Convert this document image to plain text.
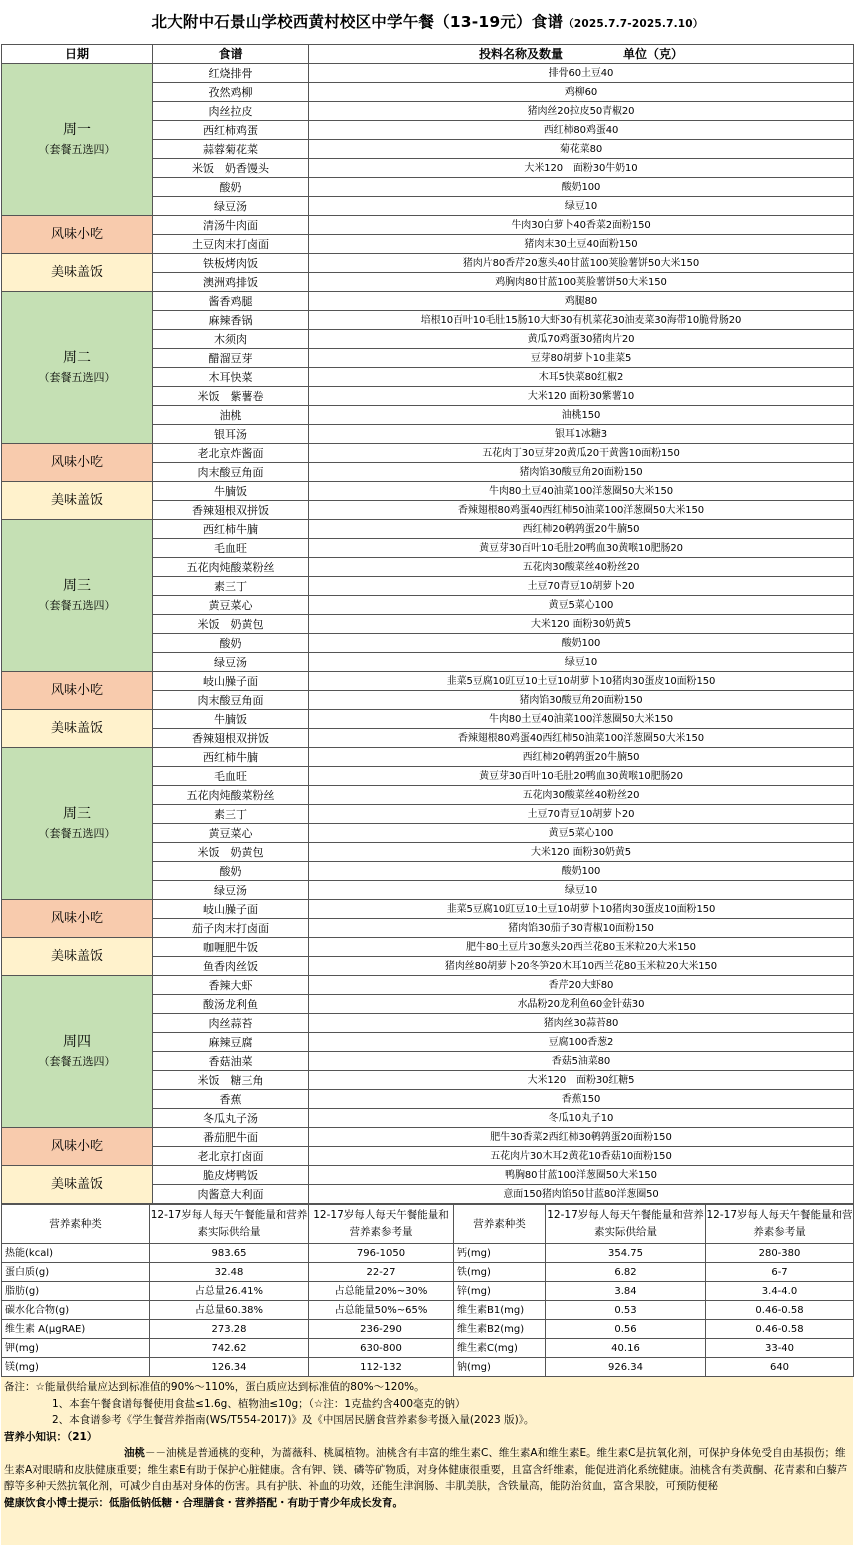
北大附中石景山学校西黄村校区中学午餐（13-19元）食谱（2025.7.7-2025.7.10）
日期	食谱	投料名称及数量　　　　　 单位（克）

周一
（套餐五选四）	红烧排骨	排骨60土豆40
	孜然鸡柳	鸡柳60
	肉丝拉皮	猪肉丝20拉皮50青椒20
	西红柿鸡蛋	西红柿80鸡蛋40
	蒜蓉菊花菜	菊花菜80
	米饭　奶香馒头	大米120　面粉30牛奶10
	酸奶	酸奶100
	绿豆汤	绿豆10
风味小吃	清汤牛肉面	牛肉30白萝卜40香菜2面粉150
	土豆肉末打卤面	猪肉末30土豆40面粉150
美味盖饭	铁板烤肉饭	猪肉片80香芹20葱头40甘蓝100荚脸薯饼50大米150
	澳洲鸡排饭	鸡胸肉80甘蓝100荚脸薯饼50大米150

周二
（套餐五选四）	酱香鸡腿	鸡腿80
	麻辣香锅	培根10百叶10毛肚15肠10大虾30有机菜花30油麦菜30海带10脆骨肠20
	木须肉	黄瓜70鸡蛋30猪肉片20
	醋溜豆芽	豆芽80胡萝卜10韭菜5
	木耳快菜	木耳5快菜80红椒2
	米饭　紫薯卷	大米120 面粉30紫薯10
	油桃	油桃150
	银耳汤	银耳1冰糖3
风味小吃	老北京炸酱面	五花肉丁30豆芽20黄瓜20干黄酱10面粉150
	肉末酸豆角面	猪肉馅30酸豆角20面粉150
美味盖饭	牛腩饭	牛肉80土豆40油菜100洋葱圈50大米150
	香辣翅根双拼饭	香辣翅根80鸡蛋40西红柿50油菜100洋葱圈50大米150

周三
（套餐五选四）	西红柿牛腩	西红柿20鹌鹑蛋20牛腩50
	毛血旺	黄豆芽30百叶10毛肚20鸭血30黄喉10肥肠20
	五花肉炖酸菜粉丝	五花肉30酸菜丝40粉丝20
	素三丁	土豆70青豆10胡萝卜20
	黄豆菜心	黄豆5菜心100
	米饭　奶黄包	大米120 面粉30奶黄5
	酸奶	酸奶100
	绿豆汤	绿豆10
风味小吃	岐山臊子面	韭菜5豆腐10豇豆10土豆10胡萝卜10猪肉30蛋皮10面粉150
	肉末酸豆角面	猪肉馅30酸豆角20面粉150
美味盖饭	牛腩饭	牛肉80土豆40油菜100洋葱圈50大米150
	香辣翅根双拼饭	香辣翅根80鸡蛋40西红柿50油菜100洋葱圈50大米150

周三
（套餐五选四）	西红柿牛腩	西红柿20鹌鹑蛋20牛腩50
	毛血旺	黄豆芽30百叶10毛肚20鸭血30黄喉10肥肠20
	五花肉炖酸菜粉丝	五花肉30酸菜丝40粉丝20
	素三丁	土豆70青豆10胡萝卜20
	黄豆菜心	黄豆5菜心100
	米饭　奶黄包	大米120 面粉30奶黄5
	酸奶	酸奶100
	绿豆汤	绿豆10
风味小吃	岐山臊子面	韭菜5豆腐10豇豆10土豆10胡萝卜10猪肉30蛋皮10面粉150
	茄子肉末打卤面	猪肉馅30茄子30青椒10面粉150
美味盖饭	咖喱肥牛饭	肥牛80土豆片30葱头20西兰花80玉米粒20大米150
	鱼香肉丝饭	猪肉丝80胡萝卜20冬笋20木耳10西兰花80玉米粒20大米150

周四
（套餐五选四）	香辣大虾	香芹20大虾80
	酸汤龙利鱼	水晶粉20龙利鱼60金针菇30
	肉丝蒜苔	猪肉丝30蒜苔80
	麻辣豆腐	豆腐100香葱2
	香菇油菜	香菇5油菜80
	米饭　糖三角	大米120　面粉30红糖5
	香蕉	香蕉150
	冬瓜丸子汤	冬瓜10丸子10
风味小吃	番茄肥牛面	肥牛30香菜2西红柿30鹌鹑蛋20面粉150
	老北京打卤面	五花肉片30木耳2黄花10香菇10面粉150
美味盖饭	脆皮烤鸭饭	鸭胸80甘蓝100洋葱圈50大米150
	肉酱意大利面	意面150猪肉馅50甘蓝80洋葱圈50
营养素种类	12-17岁每人每天午餐能量和营养素实际供给量	12-17岁每人每天午餐能量和营养素参考量	营养素种类	12-17岁每人每天午餐能量和营养素实际供给量	12-17岁每人每天午餐能量和营养素参考量
热能(kcal)	983.65	796-1050	钙(mg)	354.75	280-380
蛋白质(g)	32.48	22-27	铁(mg)	6.82	6-7
脂肪(g)	占总量26.41%	占总能量20%~30%	锌(mg)	3.84	3.4-4.0
碳水化合物(g)	占总量60.38%	占总能量50%~65%	维生素B1(mg)	0.53	0.46-0.58
维生素 A(μgRAE)	273.28	236-290	维生素B2(mg)	0.56	0.46-0.58
钾(mg)	742.62	630-800	维生素C(mg)	40.16	33-40
镁(mg)	126.34	112-132	钠(mg)	926.34	640

备注：☆能量供给量应达到标准值的90%～110%，蛋白质应达到标准值的80%～120%。

1、本套午餐食谱每餐使用食盐≤1.6g、植物油≤10g；（☆注：1克盐约含400毫克的钠）

2、本食谱参考《学生餐营养指南(WS/T554-2017)》及《中国居民膳食营养素参考摄入量(2023 版)》。

营养小知识：（21）

油桃－－油桃是普通桃的变种，为蔷薇科、桃属植物。油桃含有丰富的维生素C、维生素A和维生素E。维生素C是抗氧化剂，可保护身体免受自由基损伤；维生素A对眼睛和皮肤健康重要；维生素E有助于保护心脏健康。含有钾、镁、磷等矿物质，对身体健康很重要，且富含纤维素，能促进消化系统健康。油桃含有类黄酮、花青素和白藜芦醇等多种天然抗氧化剂，可减少自由基对身体的伤害。具有护肤、补血的功效，还能生津润肠、丰肌美肤，含铁量高，能防治贫血，富含果胶，可预防便秘

健康饮食小博士提示：低脂低钠低糖・合理膳食・营养搭配・有助于青少年成长发育。
